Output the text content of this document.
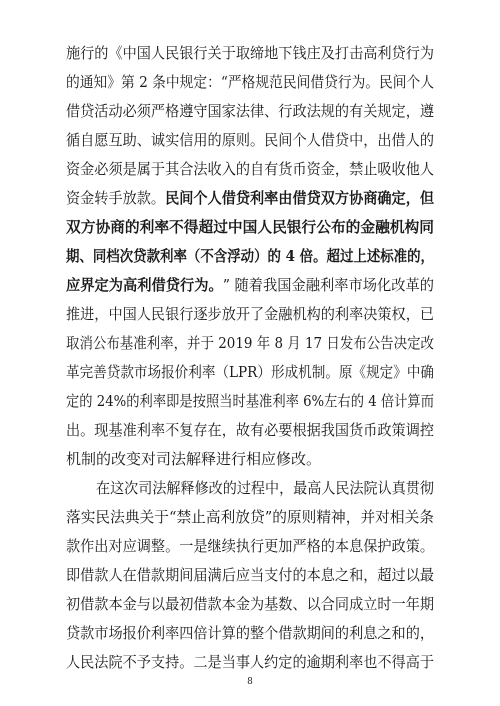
施行的《中国人民银行关于取缔地下钱庄及打击高利贷行为
的通知》第 2 条中规定：“严格规范民间借贷行为。民间个人
借贷活动必须严格遵守国家法律、行政法规的有关规定，遵
循自愿互助、诚实信用的原则。民间个人借贷中，出借人的
资金必须是属于其合法收入的自有货币资金，禁止吸收他人
资金转手放款。 民间个人借贷利率由借贷双方协商确定，但
双方协商的利率不得超过中国人民银行公布的金融机构同
期、同档次贷款利率（不含浮动）的 4 倍。超过上述标准的，
应界定为高利借贷行为。 ” 随着我国金融利率市场化改革的
推进，中国人民银行逐步放开了金融机构的利率决策权，已
取消公布基准利率，并于 2019 年 8 月 17 日发布公告决定改
革完善贷款市场报价利率（LPR）形成机制。原《规定》中确
定的 24%的利率即是按照当时基准利率 6%左右的 4 倍计算而
出。现基准利率不复存在，故有必要根据我国货币政策调控
机制的改变对司法解释进行相应修改。
在这次司法解释修改的过程中，最高人民法院认真贯彻
落实民法典关于“禁止高利放贷”的原则精神，并对相关条
款作出对应调整。一是继续执行更加严格的本息保护政策。
即借款人在借款期间届满后应当支付的本息之和，超过以最
初借款本金与以最初借款本金为基数、以合同成立时一年期
贷款市场报价利率四倍计算的整个借款期间的利息之和的，
人民法院不予支持。二是当事人约定的逾期利率也不得高于
8
